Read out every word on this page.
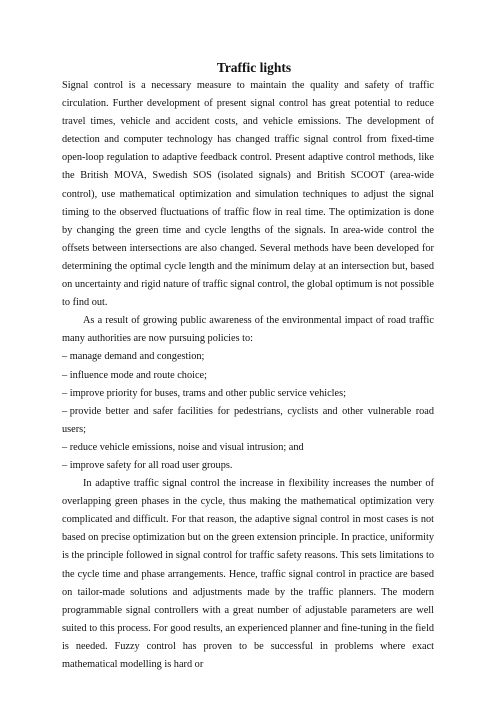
Traffic lights

Signal control is a necessary measure to maintain the quality and safety of traffic circulation. Further development of present signal control has great potential to reduce travel times, vehicle and accident costs, and vehicle emissions. The development of detection and computer technology has changed traffic signal control from fixed-time open-loop regulation to adaptive feedback control. Present adaptive control methods, like the British MOVA, Swedish SOS (isolated signals) and British SCOOT (area-wide control), use mathematical optimization and simulation techniques to adjust the signal timing to the observed fluctuations of traffic flow in real time. The optimization is done by changing the green time and cycle lengths of the signals. In area-wide control the offsets between intersections are also changed. Several methods have been developed for determining the optimal cycle length and the minimum delay at an intersection but, based on uncertainty and rigid nature of traffic signal control, the global optimum is not possible to find out.

As a result of growing public awareness of the environmental impact of road traffic many authorities are now pursuing policies to:

– manage demand and congestion;
– influence mode and route choice;
– improve priority for buses, trams and other public service vehicles;
– provide better and safer facilities for pedestrians, cyclists and other vulnerable road users;
– reduce vehicle emissions, noise and visual intrusion; and
– improve safety for all road user groups.

In adaptive traffic signal control the increase in flexibility increases the number of overlapping green phases in the cycle, thus making the mathematical optimization very complicated and difficult. For that reason, the adaptive signal control in most cases is not based on precise optimization but on the green extension principle. In practice, uniformity is the principle followed in signal control for traffic safety reasons. This sets limitations to the cycle time and phase arrangements. Hence, traffic signal control in practice are based on tailor-made solutions and adjustments made by the traffic planners. The modern programmable signal controllers with a great number of adjustable parameters are well suited to this process. For good results, an experienced planner and fine-tuning in the field is needed. Fuzzy control has proven to be successful in problems where exact mathematical modelling is hard or
